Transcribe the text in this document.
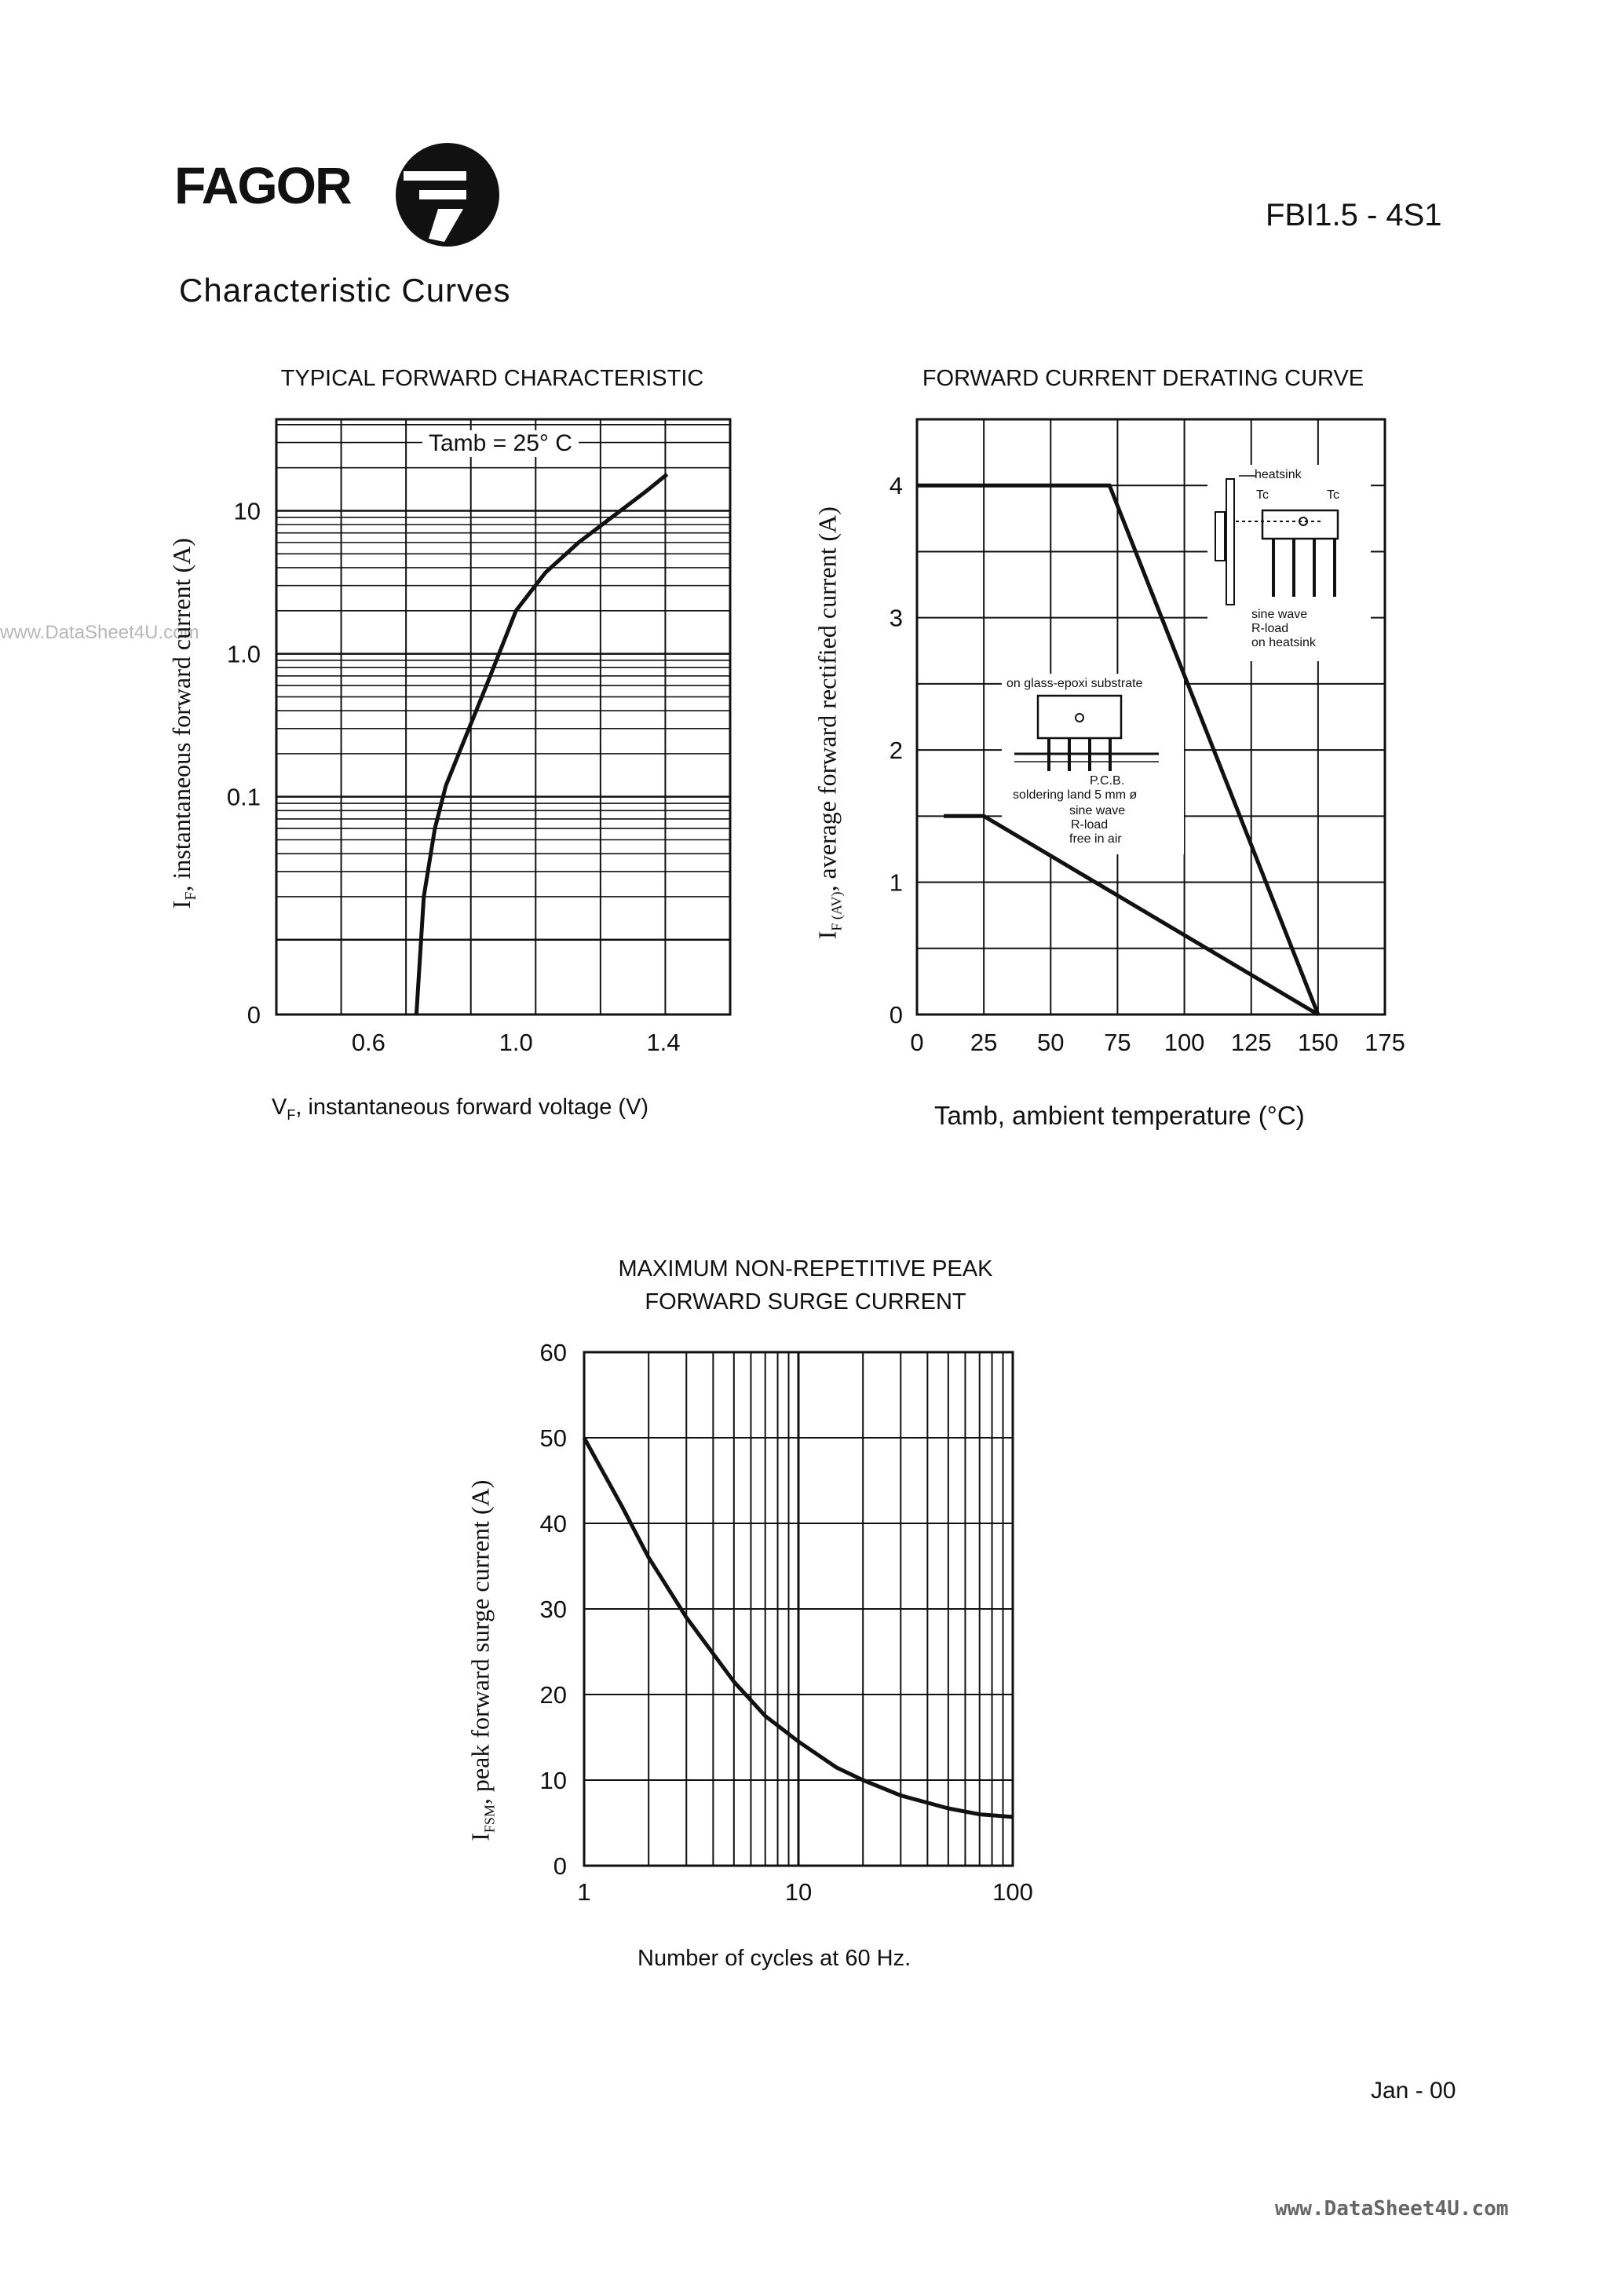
FAGOR
FBI1.5 - 4S1
Characteristic Curves
www.DataSheet4U.com
TYPICAL FORWARD CHARACTERISTIC
10
1.0
0.1
0
0.6	1.0	1.4
Tamb = 25° C
$V_F$, instantaneous forward voltage (V)
$I_F$, instantaneous forward current (A)
FORWARD CURRENT DERATING CURVE
4
3
2
1
0
0 25 50 75 100 125 150 175
Tamb, ambient temperature (°C)
$I_{F (AV)}$, average forward rectified current (A)
heatsink
Tc	Tc
sine wave
R-load
on heatsink
on glass-epoxi substrate
P.C.B.
soldering land 5 mm ø
sine wave
R-load
free in air
MAXIMUM NON-REPETITIVE PEAK
FORWARD SURGE CURRENT
60
50
40
30
20
10
0
1	10	100
Number of cycles at 60 Hz.
$I_{FSM}$, peak forward surge current (A)
Jan - 00
www.DataSheet4U.com
